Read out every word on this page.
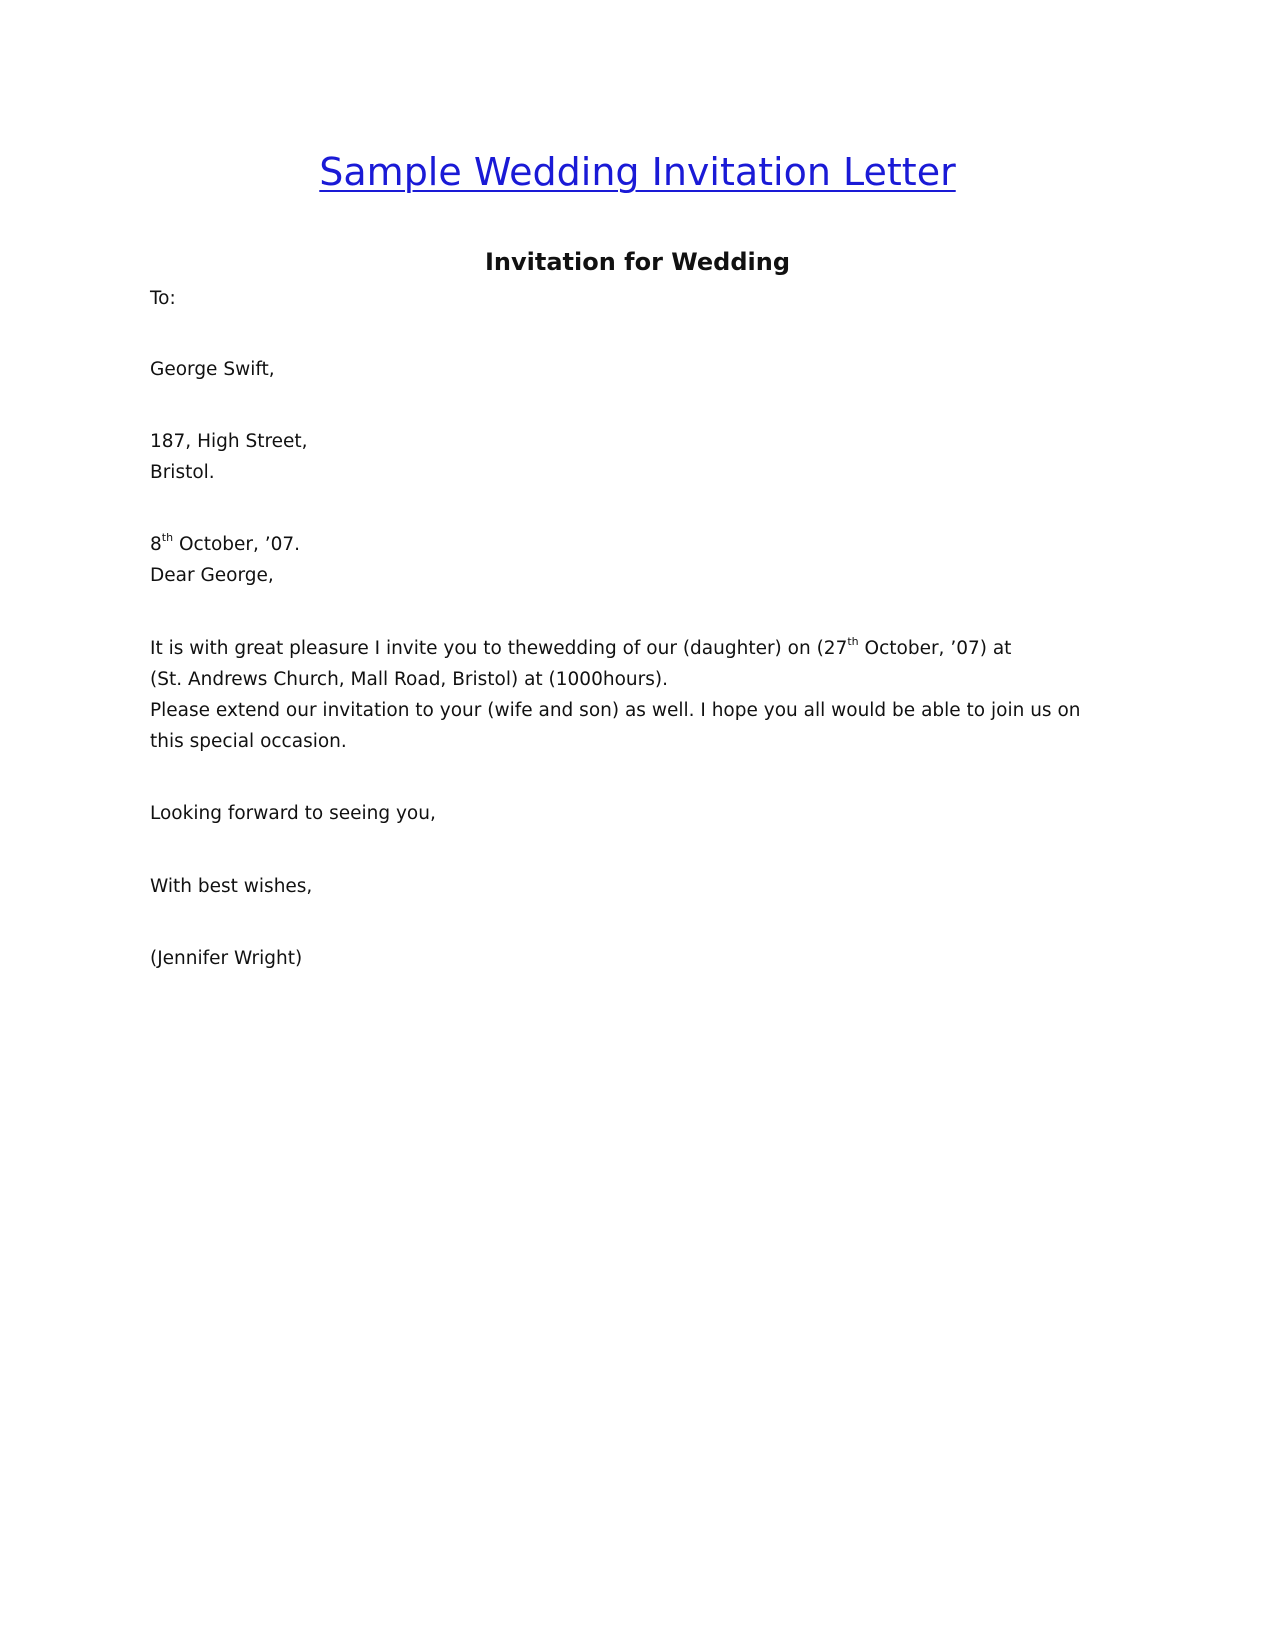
Sample Wedding Invitation Letter
Invitation for Wedding
To:
George Swift,
187, High Street,
Bristol.
8th October, ’07.
Dear George,
It is with great pleasure I invite you to thewedding of our (daughter) on (27th October, ’07) at
(St. Andrews Church, Mall Road, Bristol) at (1000hours).
Please extend our invitation to your (wife and son) as well. I hope you all would be able to join us on
this special occasion.
Looking forward to seeing you,
With best wishes,
(Jennifer Wright)
